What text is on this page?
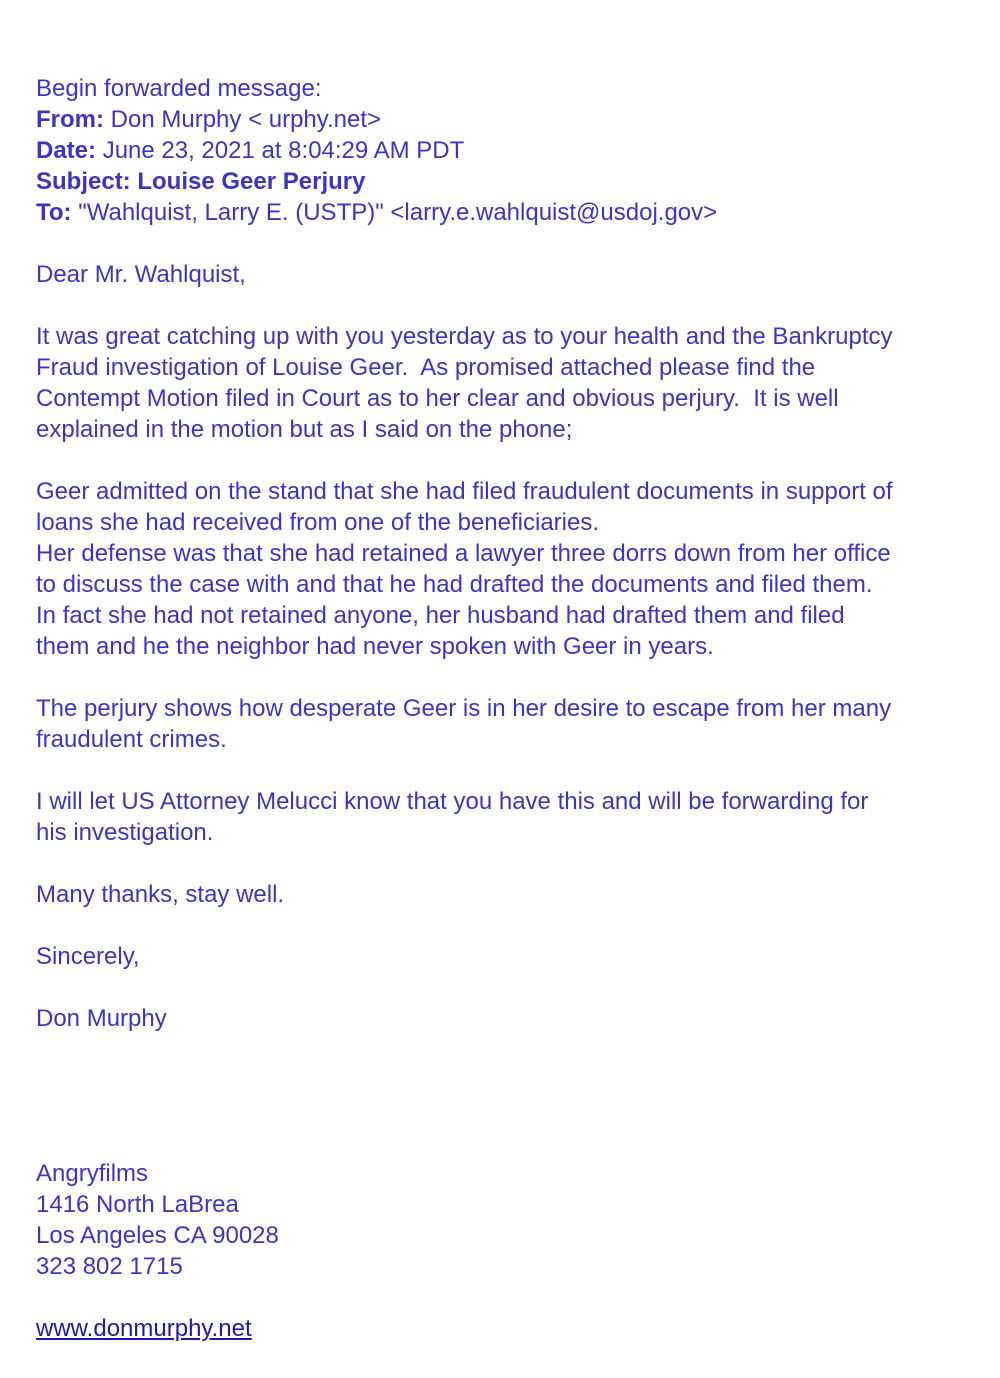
Begin forwarded message:
From: Don Murphy < urphy.net>
Date: June 23, 2021 at 8:04:29 AM PDT
Subject: Louise Geer Perjury
To: "Wahlquist, Larry E. (USTP)" <larry.e.wahlquist@usdoj.gov>
Dear Mr. Wahlquist,
It was great catching up with you yesterday as to your health and the Bankruptcy
Fraud investigation of Louise Geer.  As promised attached please find the
Contempt Motion filed in Court as to her clear and obvious perjury.  It is well
explained in the motion but as I said on the phone;
Geer admitted on the stand that she had filed fraudulent documents in support of
loans she had received from one of the beneficiaries.
Her defense was that she had retained a lawyer three dorrs down from her office
to discuss the case with and that he had drafted the documents and filed them.
In fact she had not retained anyone, her husband had drafted them and filed
them and he the neighbor had never spoken with Geer in years.
The perjury shows how desperate Geer is in her desire to escape from her many
fraudulent crimes.
I will let US Attorney Melucci know that you have this and will be forwarding for
his investigation.
Many thanks, stay well.
Sincerely,
Don Murphy
Angryfilms
1416 North LaBrea
Los Angeles CA 90028
323 802 1715
www.donmurphy.net
